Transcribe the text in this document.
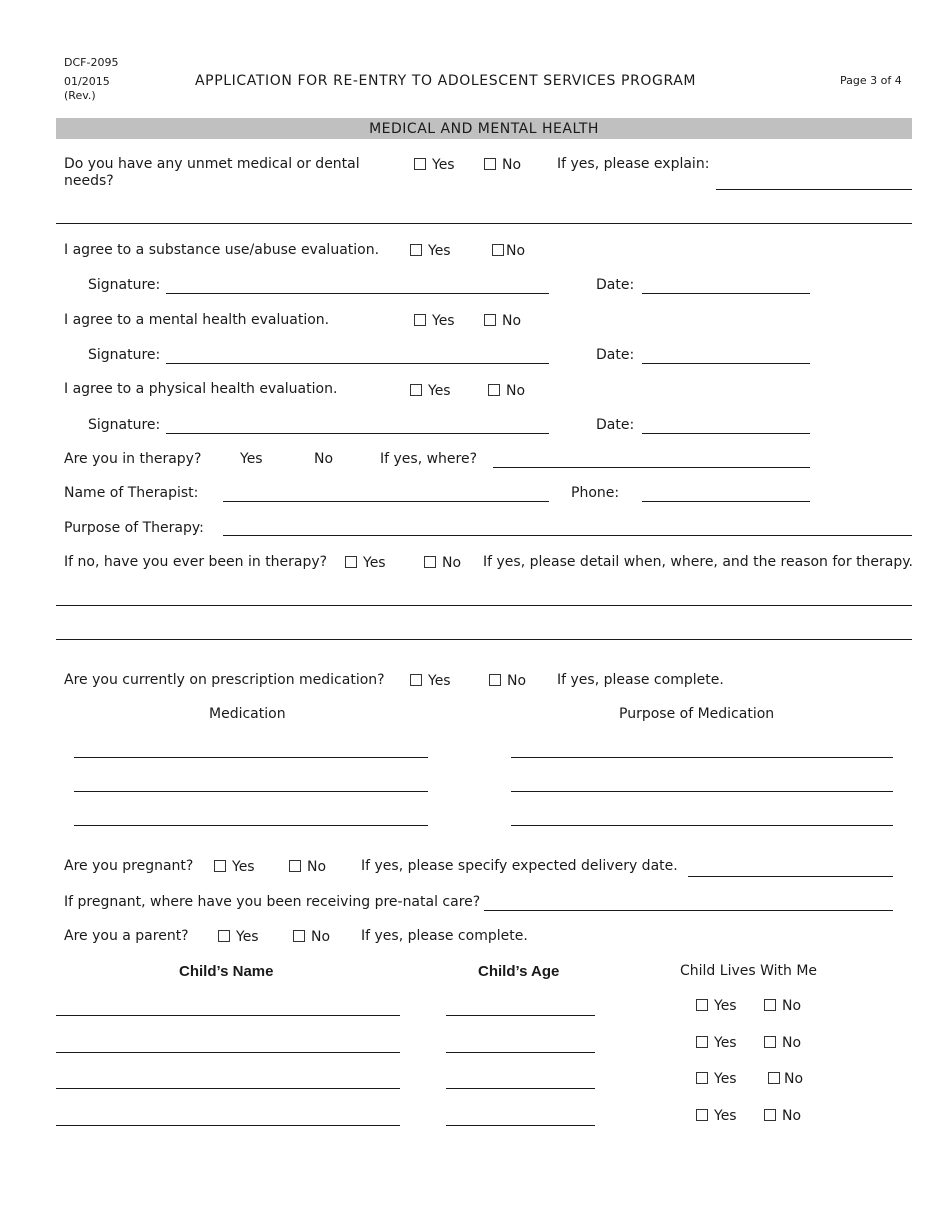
DCF-2095
01/2015
(Rev.)
APPLICATION FOR RE-ENTRY TO ADOLESCENT SERVICES PROGRAM	Page 3 of 4
MEDICAL AND MENTAL HEALTH
Do you have any unmet medical or dental
needs?
Yes	No	If yes, please explain:
I agree to a substance use/abuse evaluation.	Yes	No
Signature:	Date:
I agree to a mental health evaluation.	Yes	No
Signature:	Date:
I agree to a physical health evaluation.	Yes	No
Signature:	Date:
Are you in therapy?	Yes	No	If yes, where?
Name of Therapist:	Phone:
Purpose of Therapy:
If no, have you ever been in therapy?	Yes	No If yes, please detail when, where, and the reason for therapy.
Are you currently on prescription medication?	Yes	No If yes, please complete.
Medication	Purpose of Medication
Are you pregnant?	Yes	No If yes, please specify expected delivery date.
If pregnant, where have you been receiving pre-natal care?
Are you a parent?	Yes	No If yes, please complete.
Child’s Name	Child’s Age	Child Lives With Me
Yes	No
Yes	No
Yes	No
Yes	No
